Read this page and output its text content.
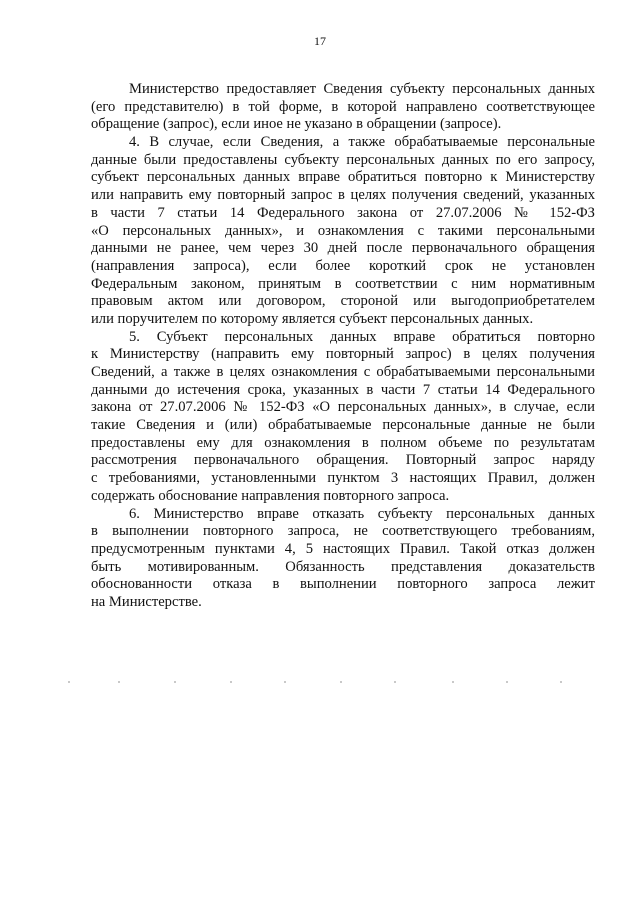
17
Министерство предоставляет Сведения субъекту персональных данных
(его представителю) в той форме, в которой направлено соответствующее
обращение (запрос), если иное не указано в обращении (запросе).
4. В случае, если Сведения, а также обрабатываемые персональные
данные были предоставлены субъекту персональных данных по его запросу,
субъект персональных данных вправе обратиться повторно к Министерству
или направить ему повторный запрос в целях получения сведений, указанных
в части 7 статьи 14 Федерального закона от 27.07.2006 № 152-ФЗ
«О персональных данных», и ознакомления с такими персональными
данными не ранее, чем через 30 дней после первоначального обращения
(направления запроса), если более короткий срок не установлен
Федеральным законом, принятым в соответствии с ним нормативным
правовым актом или договором, стороной или выгодоприобретателем
или поручителем по которому является субъект персональных данных.
5. Субъект персональных данных вправе обратиться повторно
к Министерству (направить ему повторный запрос) в целях получения
Сведений, а также в целях ознакомления с обрабатываемыми персональными
данными до истечения срока, указанных в части 7 статьи 14 Федерального
закона от 27.07.2006 № 152-ФЗ «О персональных данных», в случае, если
такие Сведения и (или) обрабатываемые персональные данные не были
предоставлены ему для ознакомления в полном объеме по результатам
рассмотрения первоначального обращения. Повторный запрос наряду
с требованиями, установленными пунктом 3 настоящих Правил, должен
содержать обоснование направления повторного запроса.
6. Министерство вправе отказать субъекту персональных данных
в выполнении повторного запроса, не соответствующего требованиям,
предусмотренным пунктами 4, 5 настоящих Правил. Такой отказ должен
быть мотивированным. Обязанность представления доказательств
обоснованности отказа в выполнении повторного запроса лежит
на Министерстве.
